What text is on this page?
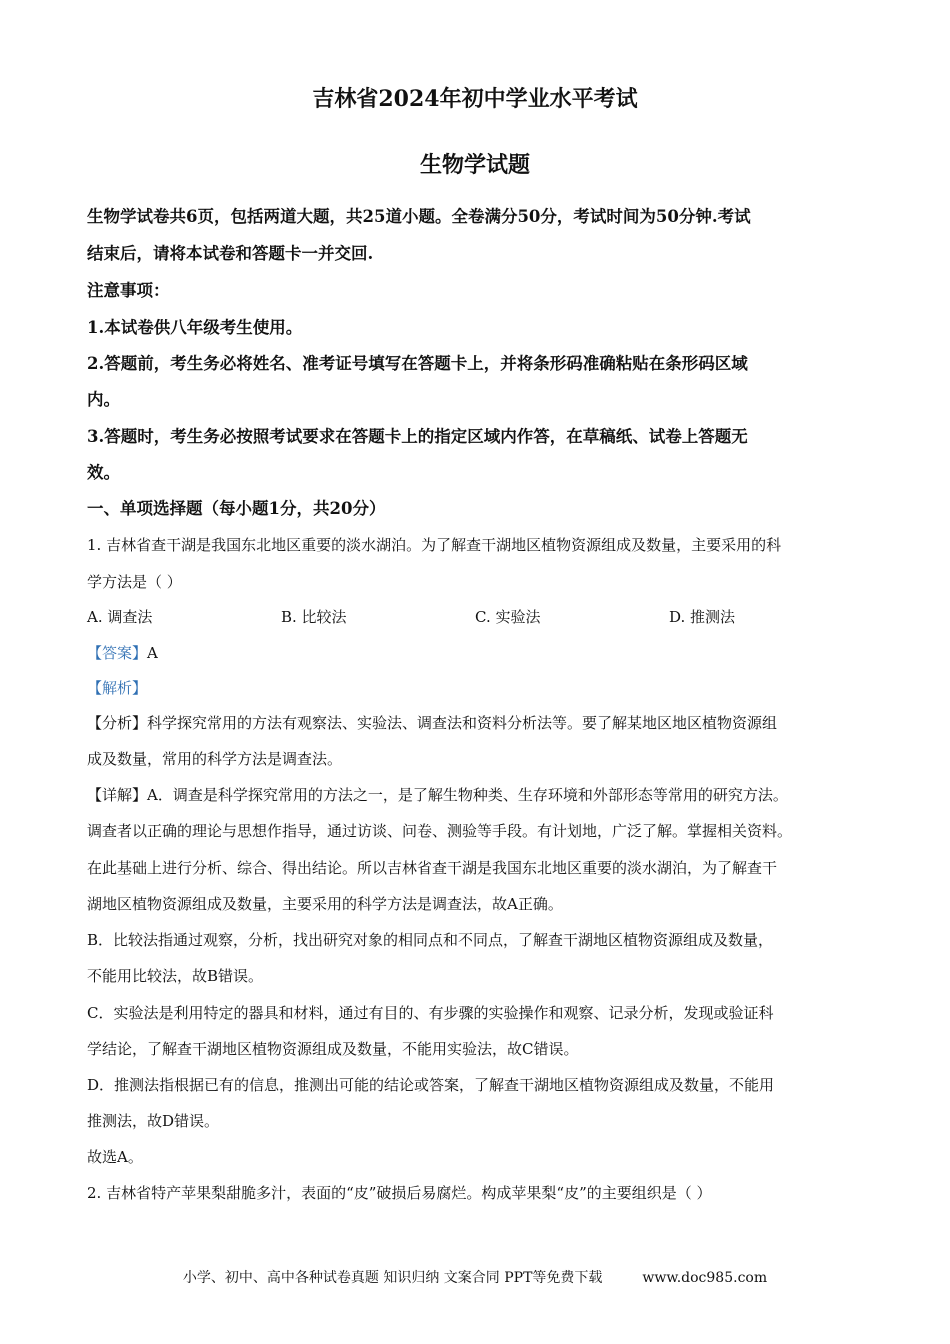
吉林省2024年初中学业水平考试
生物学试题
生物学试卷共6页，包括两道大题，共25道小题。全卷满分50分，考试时间为50分钟.考试
结束后，请将本试卷和答题卡一并交回.
注意事项：
1.本试卷供八年级考生使用。
2.答题前，考生务必将姓名、准考证号填写在答题卡上，并将条形码准确粘贴在条形码区域
内。
3.答题时，考生务必按照考试要求在答题卡上的指定区域内作答，在草稿纸、试卷上答题无
效。
一、单项选择题（每小题1分，共20分）
1. 吉林省查干湖是我国东北地区重要的淡水湖泊。为了解查干湖地区植物资源组成及数量，主要采用的科
学方法是（ ）
A. 调查法	B. 比较法	C. 实验法	D. 推测法
【答案】A
【解析】
【分析】科学探究常用的方法有观察法、实验法、调查法和资料分析法等。要了解某地区地区植物资源组
成及数量，常用的科学方法是调查法。
【详解】A．调查是科学探究常用的方法之一，是了解生物种类、生存环境和外部形态等常用的研究方法。
调查者以正确的理论与思想作指导，通过访谈、问卷、测验等手段。有计划地，广泛了解。掌握相关资料。
在此基础上进行分析、综合、得出结论。所以吉林省查干湖是我国东北地区重要的淡水湖泊，为了解查干
湖地区植物资源组成及数量，主要采用的科学方法是调查法，故A正确。
B．比较法指通过观察，分析，找出研究对象的相同点和不同点，了解查干湖地区植物资源组成及数量，
不能用比较法，故B错误。
C．实验法是利用特定的器具和材料，通过有目的、有步骤的实验操作和观察、记录分析，发现或验证科
学结论，了解查干湖地区植物资源组成及数量，不能用实验法，故C错误。
D．推测法指根据已有的信息，推测出可能的结论或答案，了解查干湖地区植物资源组成及数量，不能用
推测法，故D错误。
故选A。
2. 吉林省特产苹果梨甜脆多汁，表面的“皮”破损后易腐烂。构成苹果梨“皮”的主要组织是（ ）
小学、初中、高中各种试卷真题 知识归纳 文案合同 PPT等免费下载	www.doc985.com
